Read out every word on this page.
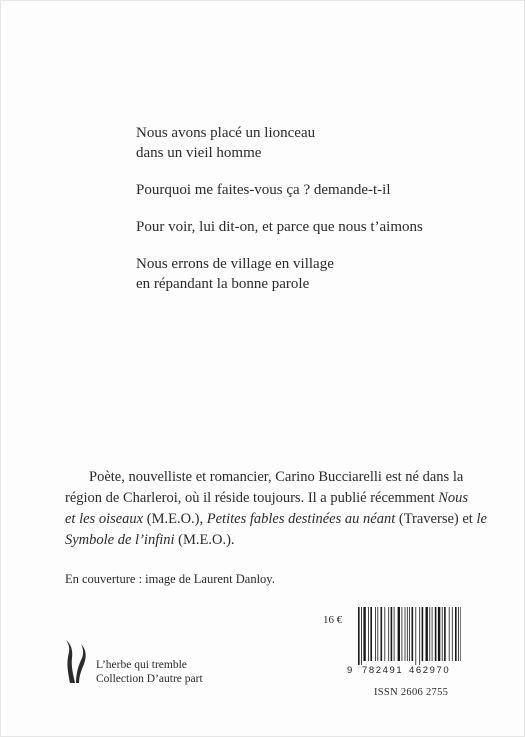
Nous avons placé un lionceau
dans un vieil homme
Pourquoi me faites-vous ça ? demande-t-il
Pour voir, lui dit-on, et parce que nous t’aimons
Nous errons de village en village
en répandant la bonne parole
Poète, nouvelliste et romancier, Carino Bucciarelli est né dans la
région de Charleroi, où il réside toujours. Il a publié récemment Nous
et les oiseaux (M.E.O.), Petites fables destinées au néant (Traverse) et le
Symbole de l’infini (M.E.O.).
En couverture : image de Laurent Danloy.
16 €
L’herbe qui tremble
Collection D’autre part
9 782491 462970
ISSN 2606 2755
